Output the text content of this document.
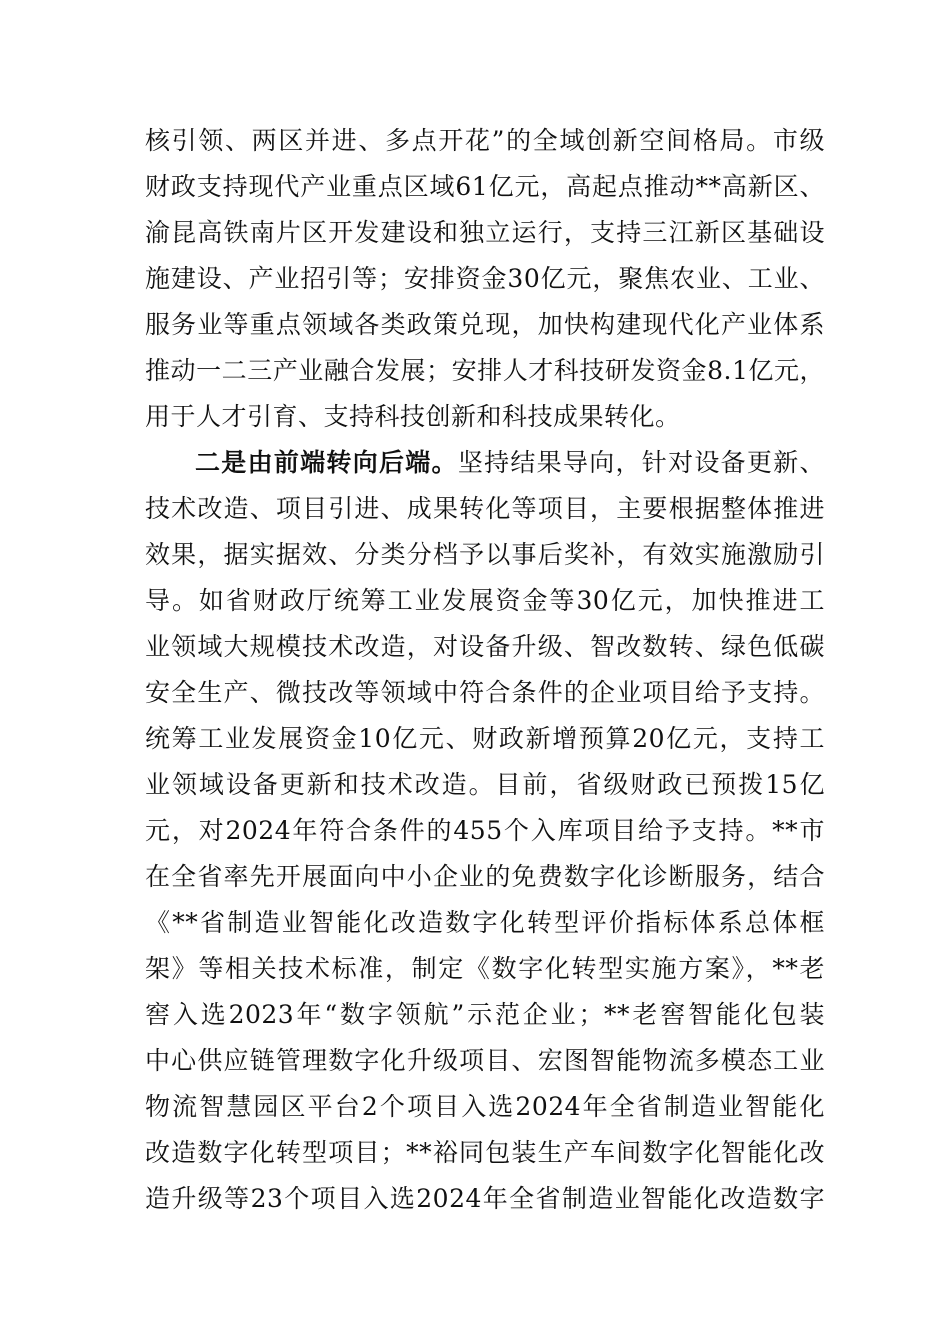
核引领、两区并进、多点开花”的全域创新空间格局。市级
财政支持现代产业重点区域61亿元，高起点推动**高新区、
渝昆高铁南片区开发建设和独立运行，支持三江新区基础设
施建设、产业招引等；安排资金30亿元，聚焦农业、工业、
服务业等重点领域各类政策兑现，加快构建现代化产业体系
推动一二三产业融合发展；安排人才科技研发资金8.1亿元，
用于人才引育、支持科技创新和科技成果转化。
二是由前端转向后端。坚持结果导向，针对设备更新、
技术改造、项目引进、成果转化等项目，主要根据整体推进
效果，据实据效、分类分档予以事后奖补，有效实施激励引
导。如省财政厅统筹工业发展资金等30亿元，加快推进工
业领域大规模技术改造，对设备升级、智改数转、绿色低碳
安全生产、微技改等领域中符合条件的企业项目给予支持。
统筹工业发展资金10亿元、财政新增预算20亿元，支持工
业领域设备更新和技术改造。目前，省级财政已预拨15亿
元，对2024年符合条件的455个入库项目给予支持。**市
在全省率先开展面向中小企业的免费数字化诊断服务，结合
《**省制造业智能化改造数字化转型评价指标体系总体框
架》等相关技术标准，制定《数字化转型实施方案》，**老
窖入选2023年“数字领航”示范企业；**老窖智能化包装
中心供应链管理数字化升级项目、宏图智能物流多模态工业
物流智慧园区平台2个项目入选2024年全省制造业智能化
改造数字化转型项目；**裕同包装生产车间数字化智能化改
造升级等23个项目入选2024年全省制造业智能化改造数字
